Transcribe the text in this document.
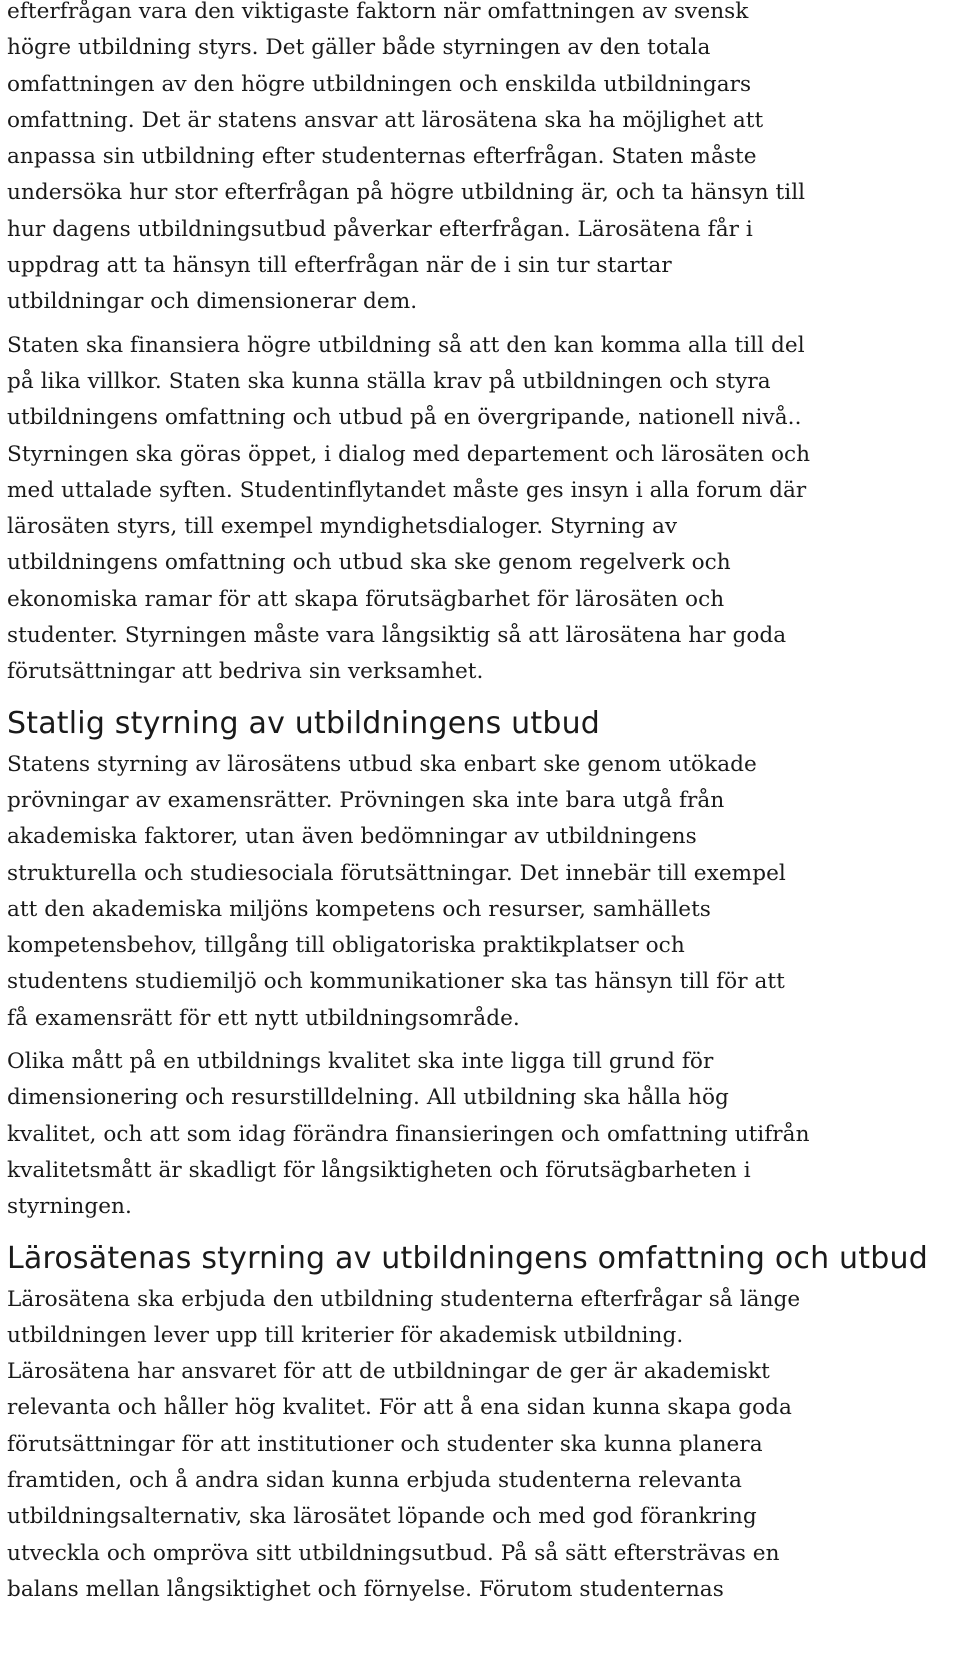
efterfrågan vara den viktigaste faktorn när omfattningen av svensk
högre utbildning styrs. Det gäller både styrningen av den totala
omfattningen av den högre utbildningen och enskilda utbildningars
omfattning. Det är statens ansvar att lärosätena ska ha möjlighet att
anpassa sin utbildning efter studenternas efterfrågan. Staten måste
undersöka hur stor efterfrågan på högre utbildning är, och ta hänsyn till
hur dagens utbildningsutbud påverkar efterfrågan. Lärosätena får i
uppdrag att ta hänsyn till efterfrågan när de i sin tur startar
utbildningar och dimensionerar dem.

Staten ska finansiera högre utbildning så att den kan komma alla till del
på lika villkor. Staten ska kunna ställa krav på utbildningen och styra
utbildningens omfattning och utbud på en övergripande, nationell nivå..
Styrningen ska göras öppet, i dialog med departement och lärosäten och
med uttalade syften. Studentinflytandet måste ges insyn i alla forum där
lärosäten styrs, till exempel myndighetsdialoger. Styrning av
utbildningens omfattning och utbud ska ske genom regelverk och
ekonomiska ramar för att skapa förutsägbarhet för lärosäten och
studenter. Styrningen måste vara långsiktig så att lärosätena har goda
förutsättningar att bedriva sin verksamhet.

Statlig styrning av utbildningens utbud

Statens styrning av lärosätens utbud ska enbart ske genom utökade
prövningar av examensrätter. Prövningen ska inte bara utgå från
akademiska faktorer, utan även bedömningar av utbildningens
strukturella och studiesociala förutsättningar. Det innebär till exempel
att den akademiska miljöns kompetens och resurser, samhällets
kompetensbehov, tillgång till obligatoriska praktikplatser och
studentens studiemiljö och kommunikationer ska tas hänsyn till för att
få examensrätt för ett nytt utbildningsområde.

Olika mått på en utbildnings kvalitet ska inte ligga till grund för
dimensionering och resurstilldelning. All utbildning ska hålla hög
kvalitet, och att som idag förändra finansieringen och omfattning utifrån
kvalitetsmått är skadligt för långsiktigheten och förutsägbarheten i
styrningen.

Lärosätenas styrning av utbildningens omfattning och utbud

Lärosätena ska erbjuda den utbildning studenterna efterfrågar så länge
utbildningen lever upp till kriterier för akademisk utbildning.
Lärosätena har ansvaret för att de utbildningar de ger är akademiskt
relevanta och håller hög kvalitet. För att å ena sidan kunna skapa goda
förutsättningar för att institutioner och studenter ska kunna planera
framtiden, och å andra sidan kunna erbjuda studenterna relevanta
utbildningsalternativ, ska lärosätet löpande och med god förankring
utveckla och ompröva sitt utbildningsutbud. På så sätt eftersträvas en
balans mellan långsiktighet och förnyelse. Förutom studenternas
